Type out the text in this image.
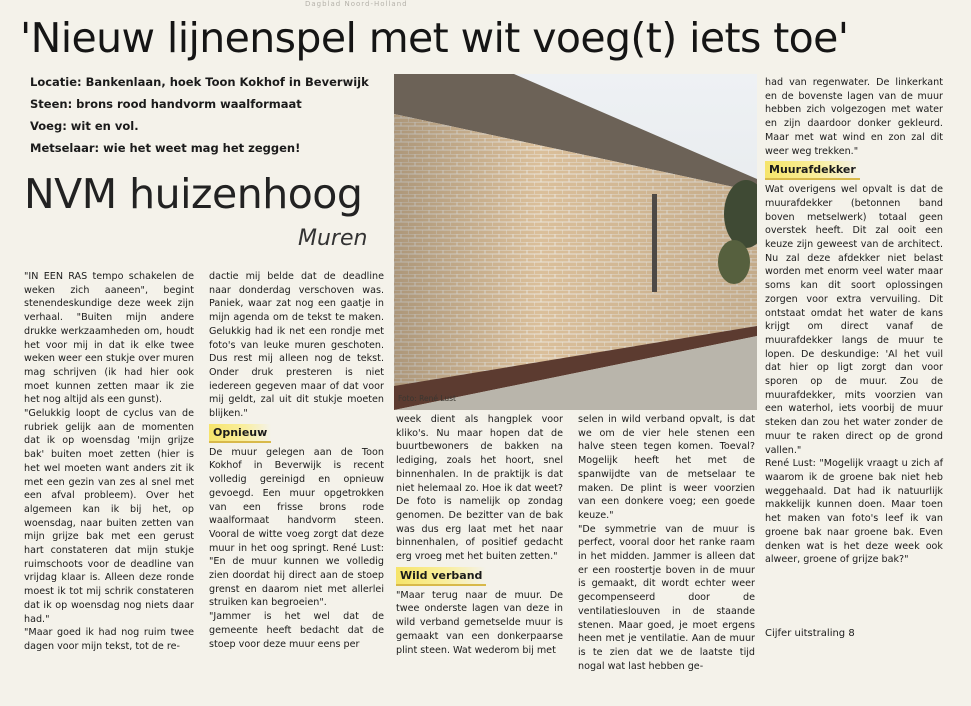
Dagblad Noord-Holland
'Nieuw lijnenspel met wit voeg(t) iets toe'
Locatie: Bankenlaan, hoek Toon Kokhof in Beverwijk
Steen: brons rood handvorm waalformaat
Voeg: wit en vol.
Metselaar: wie het weet mag het zeggen!
NVM huizenhoog
Muren
Foto: René Lust

"IN EEN RAS tempo schakelen de weken zich aaneen", begint stenendeskundige deze week zijn verhaal. "Buiten mijn andere drukke werkzaamheden om, houdt het voor mij in dat ik elke twee weken weer een stukje over muren mag schrijven (ik had hier ook moet kunnen zetten maar ik zie het nog altijd als een gunst).

"Gelukkig loopt de cyclus van de rubriek gelijk aan de momenten dat ik op woensdag 'mijn grijze bak' buiten moet zetten (hier is het wel moeten want anders zit ik met een gezin van zes al snel met een afval probleem). Over het algemeen kan ik bij het, op woensdag, naar buiten zetten van mijn grijze bak met een gerust hart constateren dat mijn stukje ruimschoots voor de deadline van vrijdag klaar is. Alleen deze ronde moest ik tot mij schrik constateren dat ik op woensdag nog niets daar had."

"Maar goed ik had nog ruim twee dagen voor mijn tekst, tot de re-

dactie mij belde dat de deadline naar donderdag verschoven was. Paniek, waar zat nog een gaatje in mijn agenda om de tekst te maken. Gelukkig had ik net een rondje met foto's van leuke muren geschoten. Dus rest mij alleen nog de tekst. Onder druk presteren is niet iedereen gegeven maar of dat voor mij geldt, zal uit dit stukje moeten blijken."

Opnieuw

De muur gelegen aan de Toon Kokhof in Beverwijk is recent volledig gereinigd en opnieuw gevoegd. Een muur opgetrokken van een frisse brons rode waalformaat handvorm steen. Vooral de witte voeg zorgt dat deze muur in het oog springt. René Lust: "En de muur kunnen we volledig zien doordat hij direct aan de stoep grenst en daarom niet met allerlei struiken kan begroeien".

"Jammer is het wel dat de gemeente heeft bedacht dat de stoep voor deze muur eens per

week dient als hangplek voor kliko's. Nu maar hopen dat de buurtbewoners de bakken na lediging, zoals het hoort, snel binnenhalen. In de praktijk is dat niet helemaal zo. Hoe ik dat weet? De foto is namelijk op zondag genomen. De bezitter van de bak was dus erg laat met het naar binnenhalen, of positief gedacht erg vroeg met het buiten zetten."

Wild verband

"Maar terug naar de muur. De twee onderste lagen van deze in wild verband gemetselde muur is gemaakt van een donkerpaarse plint steen. Wat wederom bij met

selen in wild verband opvalt, is dat we om de vier hele stenen een halve steen tegen komen. Toeval? Mogelijk heeft het met de spanwijdte van de metselaar te maken. De plint is weer voorzien van een donkere voeg; een goede keuze."

"De symmetrie van de muur is perfect, vooral door het ranke raam in het midden. Jammer is alleen dat er een roostertje boven in de muur is gemaakt, dit wordt echter weer gecompenseerd door de ventilatieslouven in de staande stenen. Maar goed, je moet ergens heen met je ventilatie. Aan de muur is te zien dat we de laatste tijd nogal wat last hebben ge-

had van regenwater. De linkerkant en de bovenste lagen van de muur hebben zich volgezogen met water en zijn daardoor donker gekleurd. Maar met wat wind en zon zal dit weer weg trekken."

Muurafdekker

Wat overigens wel opvalt is dat de muurafdekker (betonnen band boven metselwerk) totaal geen overstek heeft. Dit zal ooit een keuze zijn geweest van de architect. Nu zal deze afdekker niet belast worden met enorm veel water maar soms kan dit soort oplossingen zorgen voor extra vervuiling. Dit ontstaat omdat het water de kans krijgt om direct vanaf de muurafdekker langs de muur te lopen. De deskundige: 'Al het vuil dat hier op ligt zorgt dan voor sporen op de muur. Zou de muurafdekker, mits voorzien van een waterhol, iets voorbij de muur steken dan zou het water zonder de muur te raken direct op de grond vallen."

René Lust: "Mogelijk vraagt u zich af waarom ik de groene bak niet heb weggehaald. Dat had ik natuurlijk makkelijk kunnen doen. Maar toen het maken van foto's leef ik van groene bak naar groene bak. Even denken wat is het deze week ook alweer, groene of grijze bak?"

Cijfer uitstraling 8
